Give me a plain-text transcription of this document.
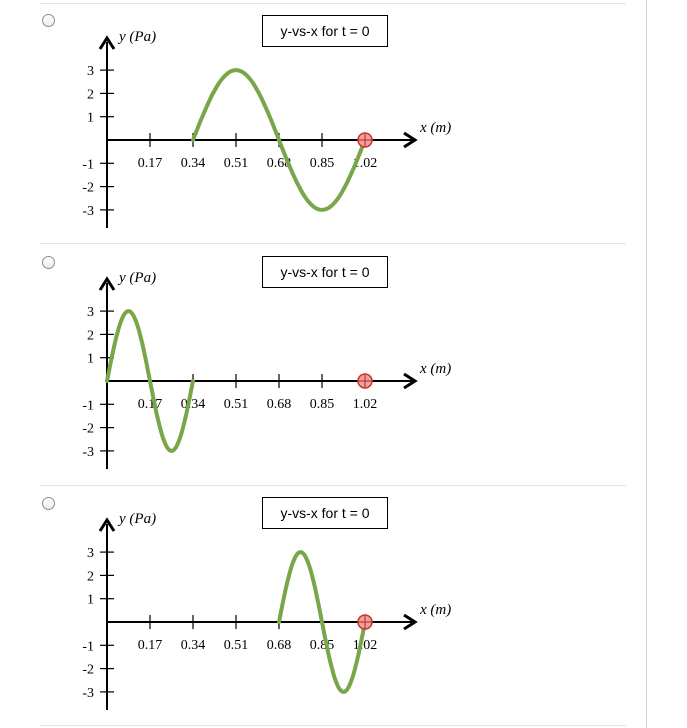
3
2
1
-1
-2
-3
0.17 0.34 0.51 0.68 0.85 1.02
y (Pa)
x (m)
y-vs-x for t = 0
3
2
1
-1
-2
-3
0.17 0.34 0.51 0.68 0.85 1.02
y (Pa)
x (m)
y-vs-x for t = 0
3
2
1
-1
-2
-3
0.17 0.34 0.51 0.68 0.85 1.02
y (Pa)
x (m)
y-vs-x for t = 0
